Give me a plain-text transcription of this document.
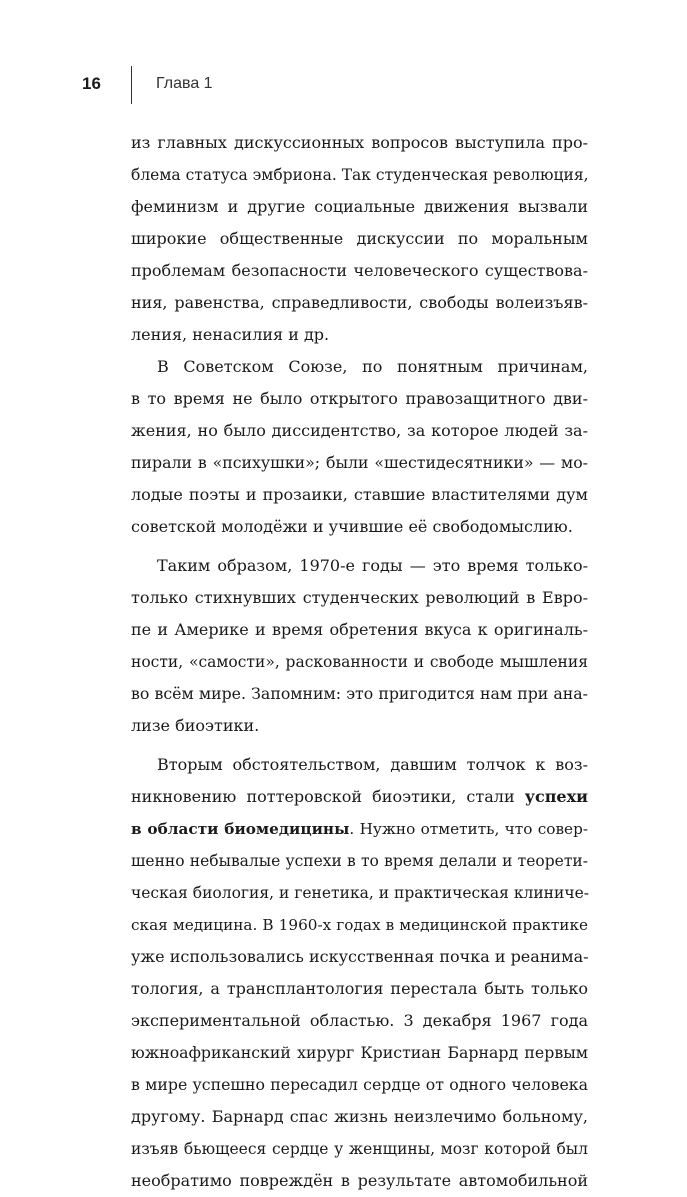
16	Глава 1
из главных дискуссионных вопросов выступила про-
блема статуса эмбриона. Так студенческая революция,
феминизм и другие социальные движения вызвали
широкие общественные дискуссии по моральным
проблемам безопасности человеческого существова-
ния, равенства, справедливости, свободы волеизъяв-
ления, ненасилия и др.
В Советском Союзе, по понятным причинам,
в то время не было открытого правозащитного дви-
жения, но было диссидентство, за которое людей за-
пирали в «психушки»; были «шестидесятники» — мо-
лодые поэты и прозаики, ставшие властителями дум
советской молодёжи и учившие её свободомыслию.
Таким образом, 1970-е годы — это время только-
только стихнувших студенческих революций в Евро-
пе и Америке и время обретения вкуса к оригиналь-
ности, «самости», раскованности и свободе мышления
во всём мире. Запомним: это пригодится нам при ана-
лизе биоэтики.
Вторым обстоятельством, давшим толчок к воз-
никновению поттеровской биоэтики, стали успехи
в области биомедицины. Нужно отметить, что совер-
шенно небывалые успехи в то время делали и теорети-
ческая биология, и генетика, и практическая клиниче-
ская медицина. В 1960-х годах в медицинской практике
уже использовались искусственная почка и реанима-
тология, а трансплантология перестала быть только
экспериментальной областью. 3 декабря 1967 года
южноафриканский хирург Кристиан Барнард первым
в мире успешно пересадил сердце от одного человека
другому. Барнард спас жизнь неизлечимо больному,
изъяв бьющееся сердце у женщины, мозг которой был
необратимо повреждён в результате автомобильной
